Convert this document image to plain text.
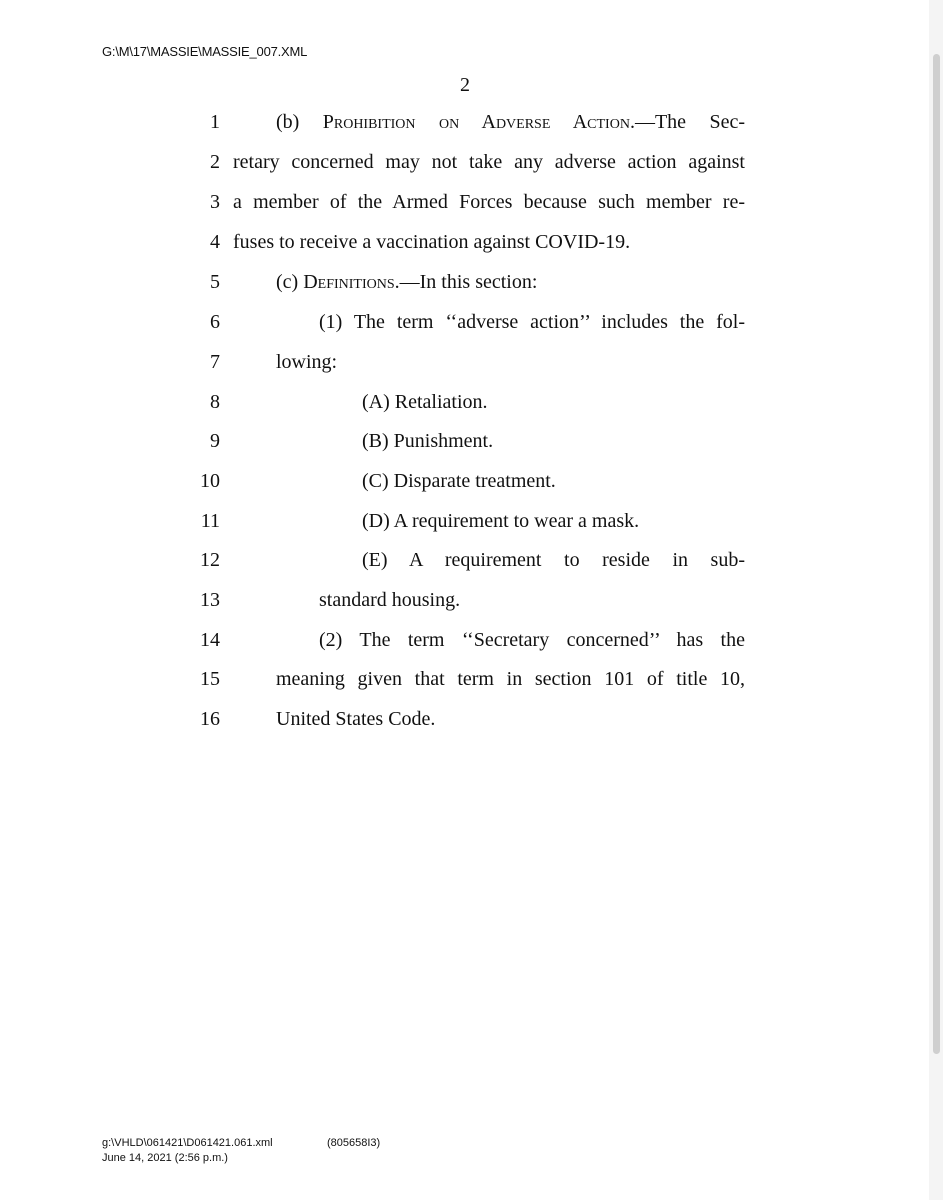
G:\M\17\MASSIE\MASSIE_007.XML
2
1	(b) Prohibition on Adverse Action.—The Sec-
2 retary concerned may not take any adverse action against
3 a member of the Armed Forces because such member re-
4 fuses to receive a vaccination against COVID-19.
5	(c) Definitions.—In this section:
6	(1) The term ‘‘adverse action’’ includes the fol-
7	lowing:
8	(A) Retaliation.
9	(B) Punishment.
10	(C) Disparate treatment.
11	(D) A requirement to wear a mask.
12	(E) A requirement to reside in sub-
13	standard housing.
14	(2) The term ‘‘Secretary concerned’’ has the
15	meaning given that term in section 101 of title 10,
16	United States Code.
g:\VHLD\061421\D061421.061.xml	(805658I3)
June 14, 2021 (2:56 p.m.)
